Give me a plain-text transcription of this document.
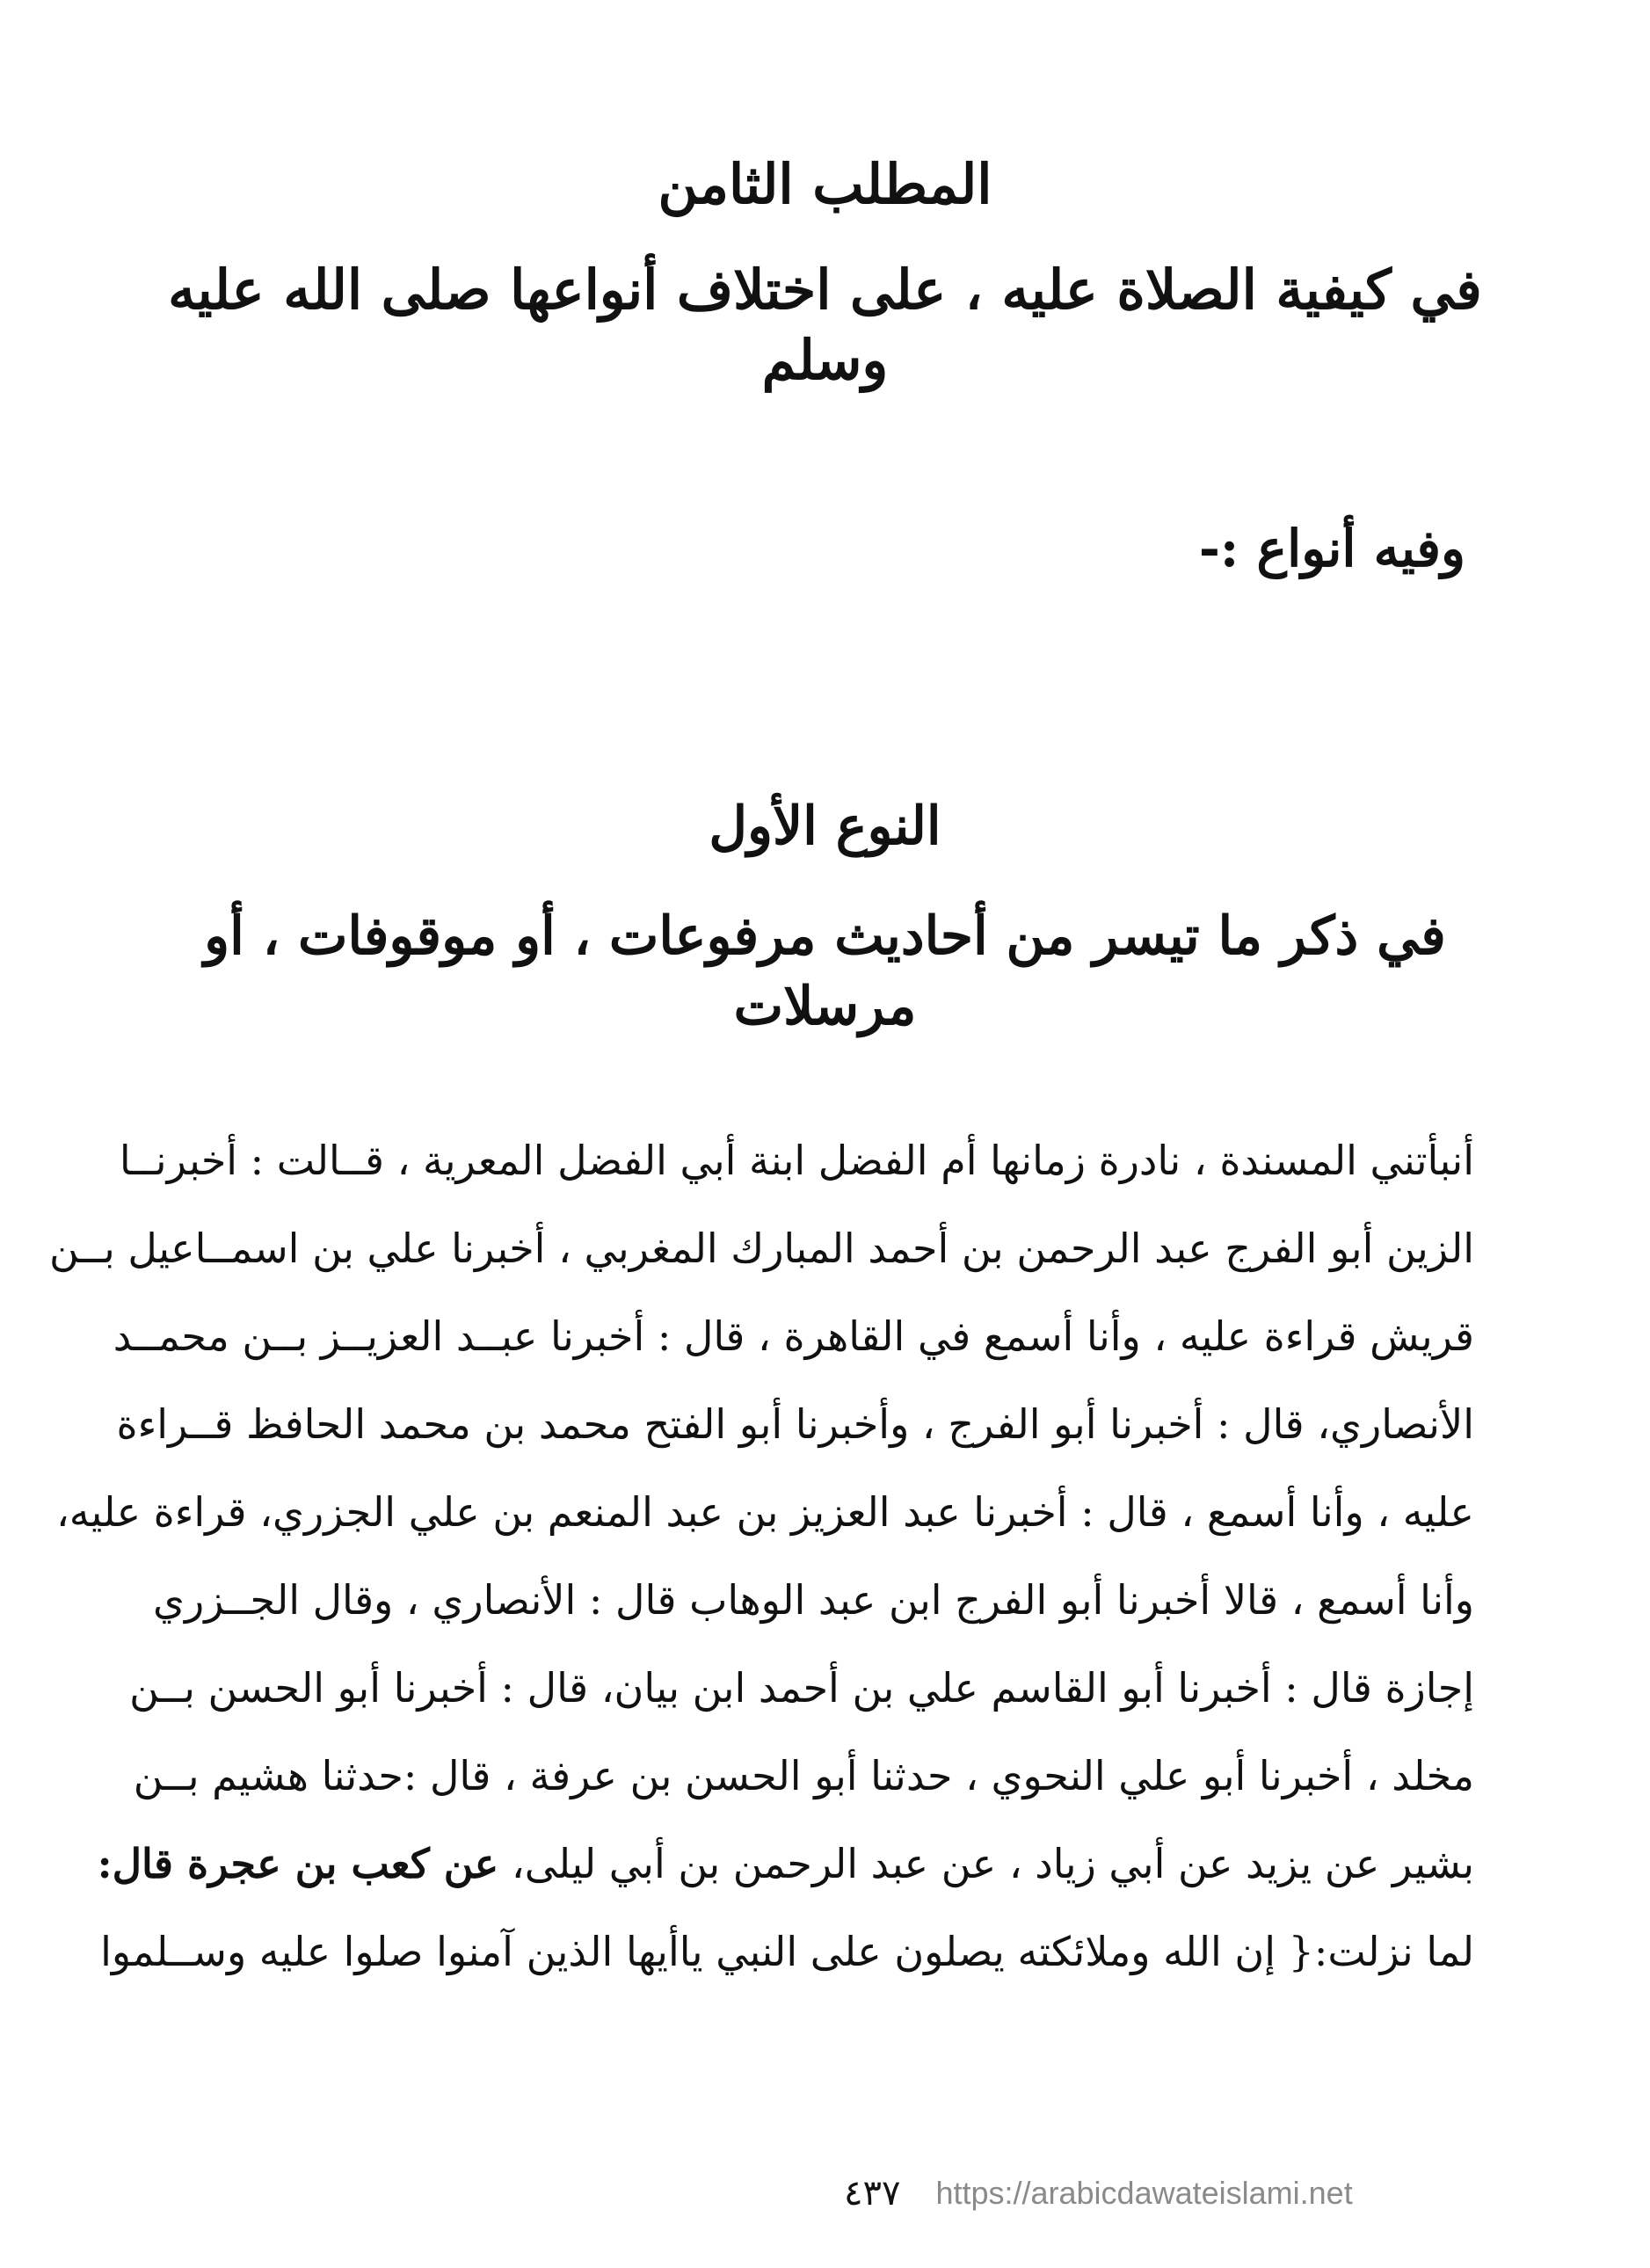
المطلب الثامن
في كيفية الصلاة عليه ، على اختلاف أنواعها صلى الله عليه وسلم
وفيه أنواع :-
النوع الأول
في ذكر ما تيسر من أحاديث مرفوعات ، أو موقوفات ، أو مرسلات
أنبأتني المسندة ، نادرة زمانها أم الفضل ابنة أبي الفضل المعرية ، قــالت : أخبرنــا
الزين أبو الفرج عبد الرحمن بن أحمد المبارك المغربي ، أخبرنا علي بن اسمــاعيل بــن
قريش قراءة عليه ، وأنا أسمع في القاهرة ، قال : أخبرنا عبــد العزيــز بــن محمــد
الأنصاري، قال : أخبرنا أبو الفرج ، وأخبرنا أبو الفتح محمد بن محمد الحافظ قــراءة
عليه ، وأنا أسمع ، قال : أخبرنا عبد العزيز بن عبد المنعم بن علي الجزري، قراءة عليه،
وأنا أسمع ، قالا أخبرنا أبو الفرج ابن عبد الوهاب قال : الأنصاري ، وقال الجــزري
إجازة قال : أخبرنا أبو القاسم علي بن أحمد ابن بيان، قال : أخبرنا أبو الحسن بــن
مخلد ، أخبرنا أبو علي النحوي ، حدثنا أبو الحسن بن عرفة ، قال :حدثنا هشيم بــن
بشير عن يزيد عن أبي زياد ، عن عبد الرحمن بن أبي ليلى، عن كعب بن عجرة قال:
لما نزلت:{ إن الله وملائكته يصلون على النبي ياأيها الذين آمنوا صلوا عليه وســلموا
٤٣٧ https://arabicdawateislami.net
